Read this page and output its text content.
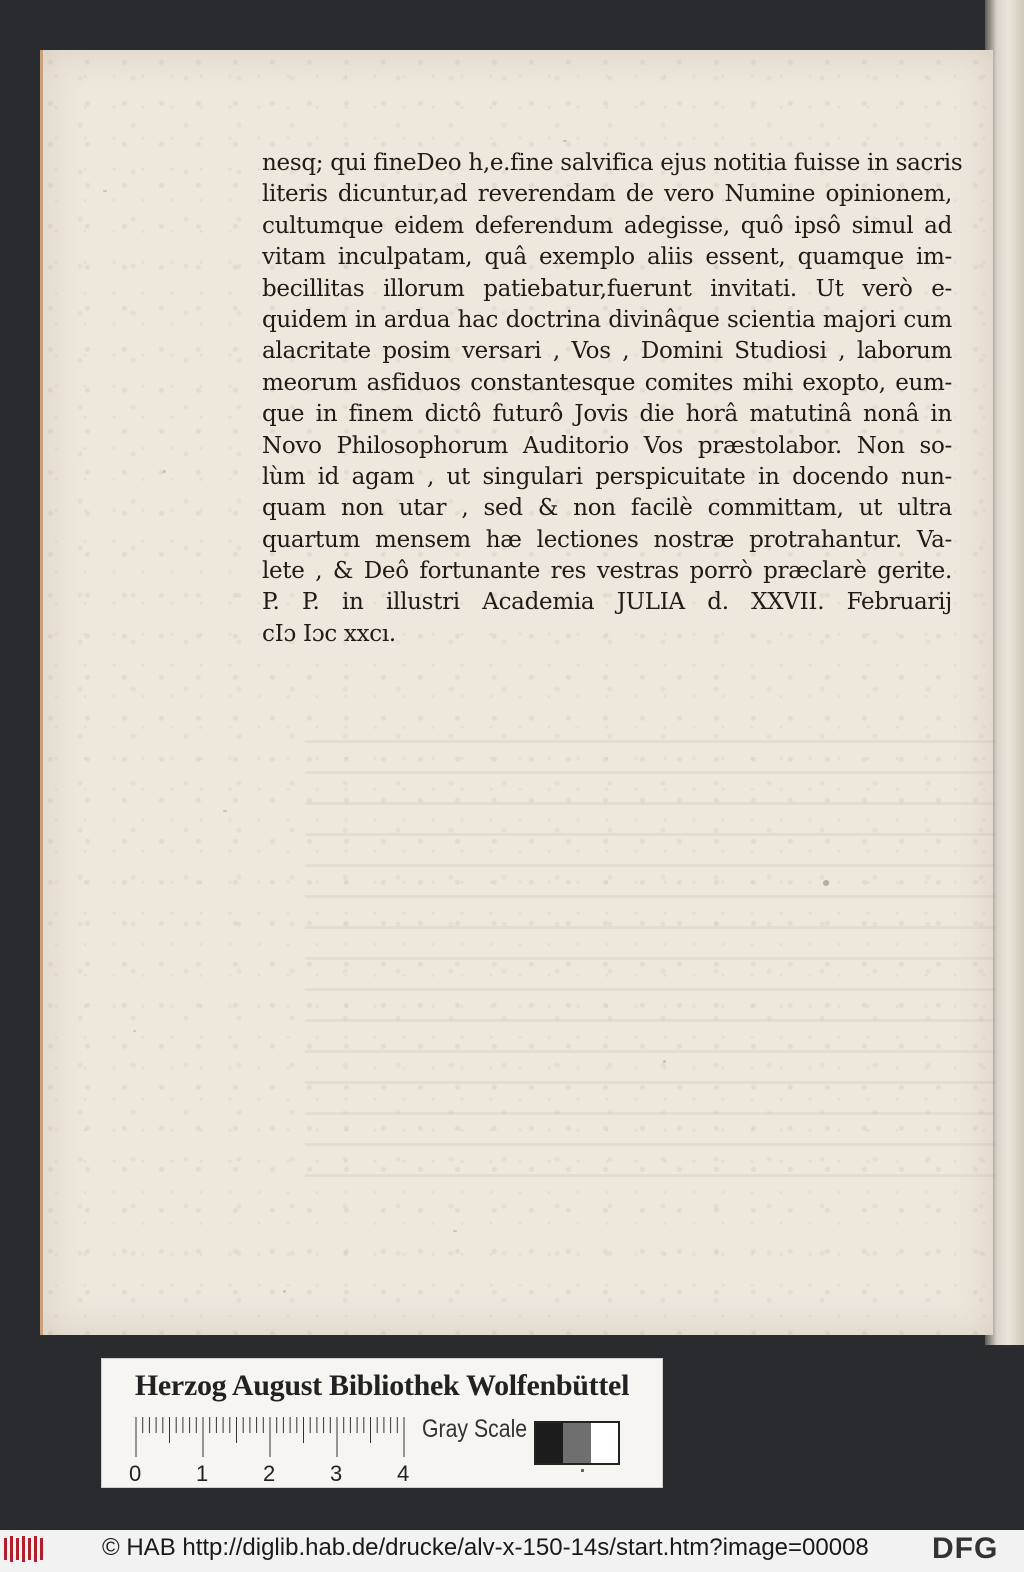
nesq; qui fineDeo h,e.fine salvifica ejus notitia fuisse in sacris
literis dicuntur,ad reverendam de vero Numine opinionem,
cultumque eidem deferendum adegisse, quô ipsô simul ad
vitam inculpatam, quâ exemplo aliis essent, quamque im-
becillitas illorum patiebatur,fuerunt invitati. Ut verò e-
quidem in ardua hac doctrina divinâque scientia majori cum
alacritate posim versari , Vos , Domini Studiosi , laborum
meorum asfiduos constantesque comites mihi exopto, eum-
que in finem dictô futurô Jovis die horâ matutinâ nonâ in
Novo Philosophorum Auditorio Vos præstolabor. Non so-
lùm id agam , ut singulari perspicuitate in docendo nun-
quam non utar , sed & non facilè committam, ut ultra
quartum mensem hæ lectiones nostræ protrahantur. Va-
lete , & Deô fortunante res vestras porrò præclarè gerite.
P. P. in illustri Academia JULIA d. XXVII. Februarij
cIɔ Iɔc xxcı.
Herzog August Bibliothek Wolfenbüttel
0 1 2 3 4
Gray Scale
© HAB http://diglib.hab.de/drucke/alv-x-150-14s/start.htm?image=00008 DFG
